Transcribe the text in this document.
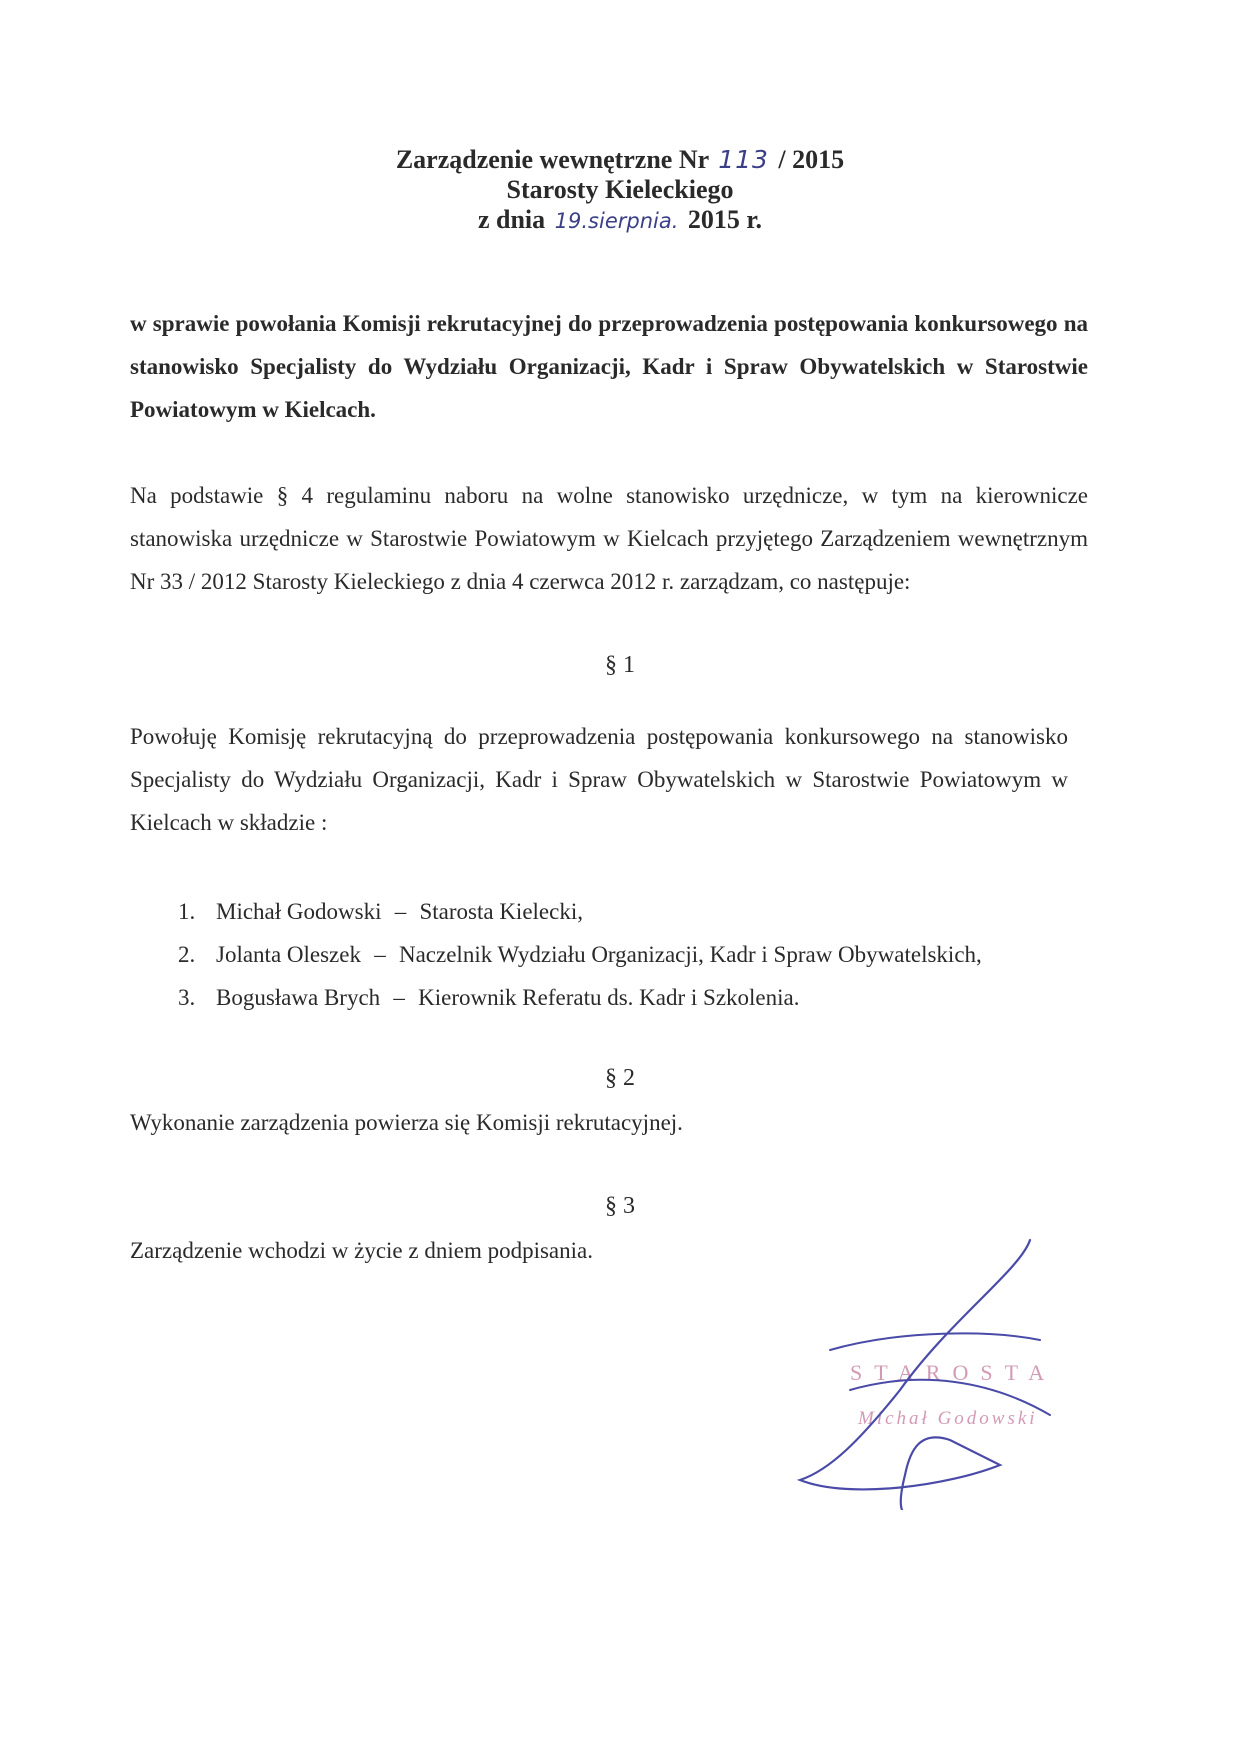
Zarządzenie wewnętrzne Nr 113 / 2015
Starosty Kieleckiego
z dnia 19.sierpnia. 2015 r.
w sprawie powołania Komisji rekrutacyjnej do przeprowadzenia postępowania konkursowego na stanowisko Specjalisty do Wydziału Organizacji, Kadr i Spraw Obywatelskich w Starostwie Powiatowym w Kielcach.
Na podstawie § 4 regulaminu naboru na wolne stanowisko urzędnicze, w tym na kierownicze stanowiska urzędnicze w Starostwie Powiatowym w Kielcach przyjętego Zarządzeniem wewnętrznym Nr 33 / 2012 Starosty Kieleckiego z dnia 4 czerwca 2012 r. zarządzam, co następuje:
§ 1
Powołuję Komisję rekrutacyjną do przeprowadzenia postępowania konkursowego na stanowisko Specjalisty do Wydziału Organizacji, Kadr i Spraw Obywatelskich w Starostwie Powiatowym w Kielcach w składzie :
1. Michał Godowski – Starosta Kielecki,
2. Jolanta Oleszek – Naczelnik Wydziału Organizacji, Kadr i Spraw Obywatelskich,
3. Bogusława Brych – Kierownik Referatu ds. Kadr i Szkolenia.
§ 2
Wykonanie zarządzenia powierza się Komisji rekrutacyjnej.
§ 3
Zarządzenie wchodzi w życie z dniem podpisania.
STAROSTA
Michał Godowski
